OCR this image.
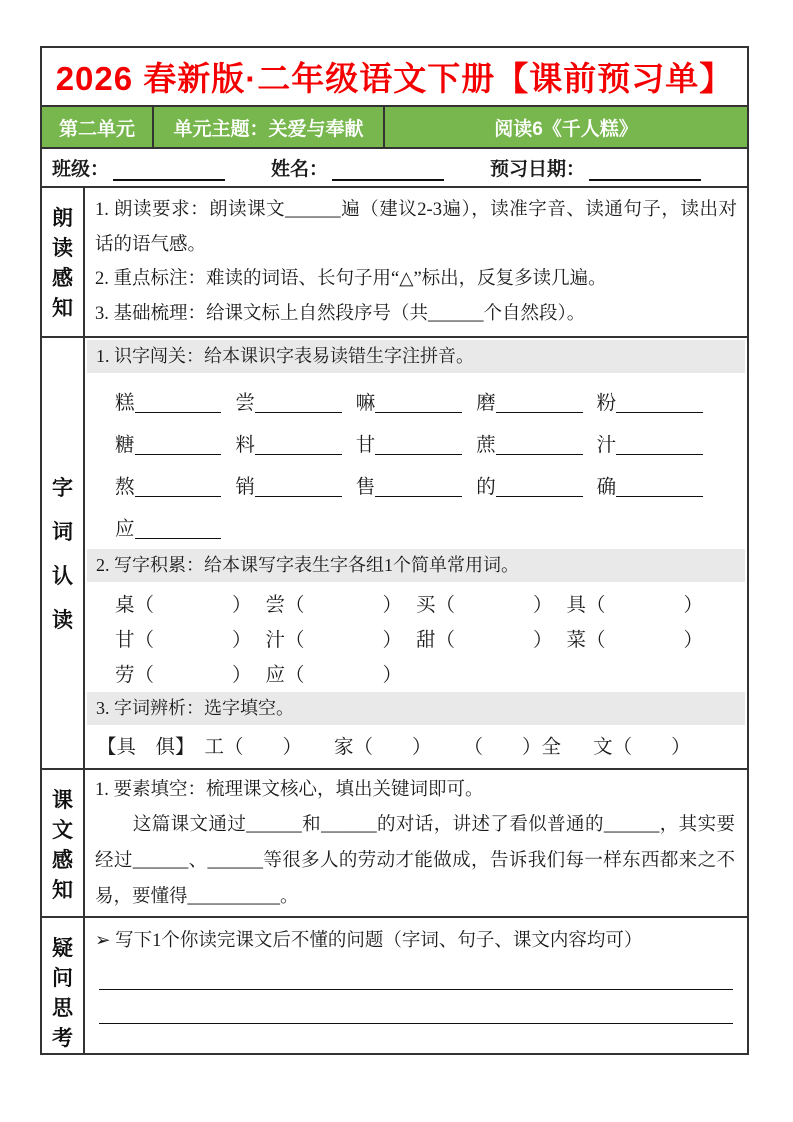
2026 春新版·二年级语文下册【课前预习单】
第二单元	单元主题：关爱与奉献	阅读6《千人糕》
班级：	姓名：	预习日期：
朗
读
感
知

1. 朗读要求：朗读课文______遍（建议2-3遍），读准字音、读通句子，读出对话的语气感。

2. 重点标注：难读的词语、长句子用“△”标出，反复多读几遍。

3. 基础梳理：给课文标上自然段序号（共______个自然段）。

字
词
认
读
1. 识字闯关：给本课识字表易读错生字注拼音。
糕	尝	嘛	磨	粉
糖	料	甘	蔗	汁
熬	销	售	的	确
应
2. 写字积累：给本课写字表生字各组1个简单常用词。
桌（　　　　） 尝（　　　　） 买（　　　　） 具（　　　　）
甘（　　　　） 汁（　　　　） 甜（　　　　） 菜（　　　　）
劳（　　　　） 应（　　　　）
3. 字词辨析：选字填空。
【具　俱】 工（　　） 家（　　） （　　）全 文（　　）
课
文
感
知

1. 要素填空：梳理课文核心，填出关键词即可。

　　这篇课文通过______和______的对话，讲述了看似普通的______，其实要经过______、______等很多人的劳动才能做成，告诉我们每一样东西都来之不易，要懂得__________。

疑
问
思
考

➢ 写下1个你读完课文后不懂的问题（字词、句子、课文内容均可）
